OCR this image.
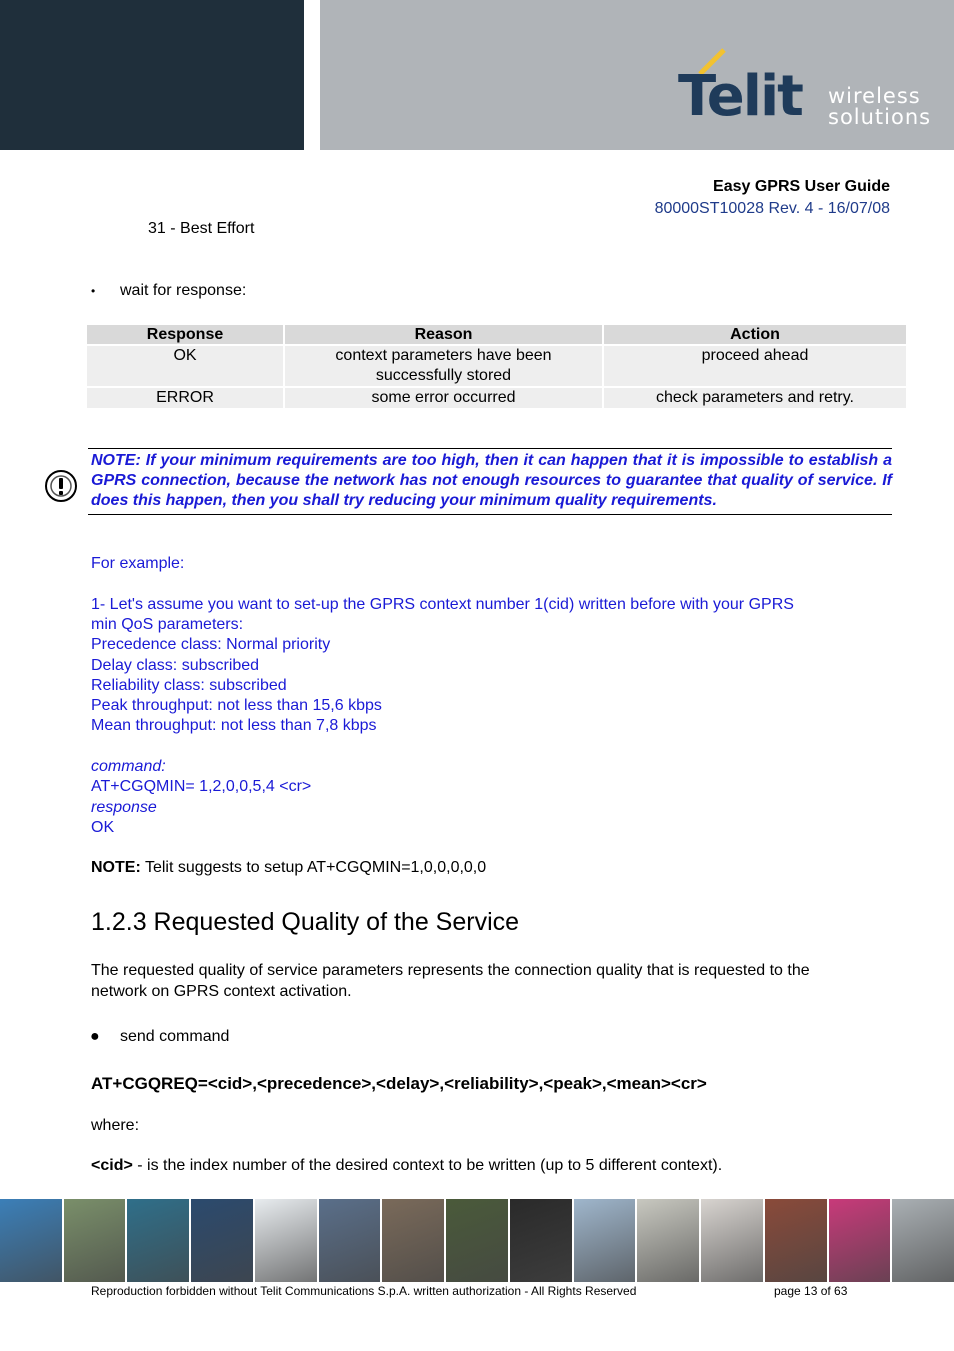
Telit wireless
solutions
Easy GPRS User Guide
80000ST10028 Rev. 4 - 16/07/08
31 - Best Effort
• wait for response:
Response	Reason	Action
OK	context parameters have been successfully stored	proceed ahead
ERROR	some error occurred	check parameters and retry.
NOTE: If your minimum requirements are too high, then it can happen that it is impossible to establish a GPRS connection, because the network has not enough resources to guarantee that quality of service. If does this happen, then you shall try reducing your minimum quality requirements.
For example:
1- Let's assume you want to set-up the GPRS context number 1(cid) written before with your GPRS
min QoS parameters:
Precedence class: Normal priority
Delay class: subscribed
Reliability class: subscribed
Peak throughput: not less than 15,6 kbps
Mean throughput: not less than 7,8 kbps
command:
AT+CGQMIN= 1,2,0,0,5,4 <cr>
response
OK
NOTE: Telit suggests to setup AT+CGQMIN=1,0,0,0,0,0
1.2.3 Requested Quality of the Service
The requested quality of service parameters represents the connection quality that is requested to the
network on GPRS context activation.
● send command
AT+CGQREQ=<cid>,<precedence>,<delay>,<reliability>,<peak>,<mean><cr>
where:
<cid> - is the index number of the desired context to be written (up to 5 different context).
Reproduction forbidden without Telit Communications S.p.A. written authorization - All Rights Reserved	page 13 of 63
